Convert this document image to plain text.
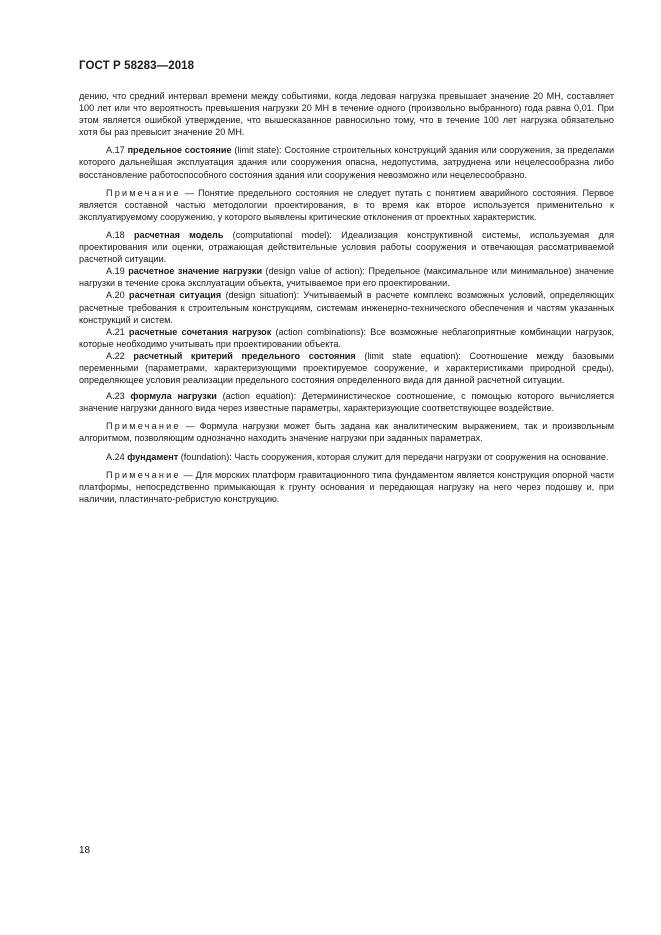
ГОСТ Р 58283—2018

дению, что средний интервал времени между событиями, когда ледовая нагрузка превышает значение 20 МН, составляет 100 лет или что вероятность превышения нагрузки 20 МН в течение одного (произвольно выбранного) года равна 0,01. При этом является ошибкой утверждение, что вышесказанное равносильно тому, что в течение 100 лет нагрузка обязательно хотя бы раз превысит значение 20 МН.

А.17 предельное состояние (limit state): Состояние строительных конструкций здания или сооружения, за пределами которого дальнейшая эксплуатация здания или сооружения опасна, недопустима, затруднена или нецелесообразна либо восстановление работоспособного состояния здания или сооружения невозможно или нецелесообразно.

Примечание — Понятие предельного состояния не следует путать с понятием аварийного состояния. Первое является составной частью методологии проектирования, в то время как второе используется применительно к эксплуатируемому сооружению, у которого выявлены критические отклонения от проектных характеристик.

А.18 расчетная модель (computational model): Идеализация конструктивной системы, используемая для проектирования или оценки, отражающая действительные условия работы сооружения и отвечающая рассматриваемой расчетной ситуации.

А.19 расчетное значение нагрузки (design value of action): Предельное (максимальное или минимальное) значение нагрузки в течение срока эксплуатации объекта, учитываемое при его проектировании.

А.20 расчетная ситуация (design situation): Учитываемый в расчете комплекс возможных условий, определяющих расчетные требования к строительным конструкциям, системам инженерно-технического обеспечения и частям указанных конструкций и систем.

А.21 расчетные сочетания нагрузок (action combinations): Все возможные неблагоприятные комбинации нагрузок, которые необходимо учитывать при проектировании объекта.

А.22 расчетный критерий предельного состояния (limit state equation): Соотношение между базовыми переменными (параметрами, характеризующими проектируемое сооружение, и характеристиками природной среды), определяющее условия реализации предельного состояния определенного вида для данной расчетной ситуации.

А.23 формула нагрузки (action equation): Детерминистическое соотношение, с помощью которого вычисляется значение нагрузки данного вида через известные параметры, характеризующие соответствующее воздействие.

Примечание — Формула нагрузки может быть задана как аналитическим выражением, так и произвольным алгоритмом, позволяющим однозначно находить значение нагрузки при заданных параметрах.

А.24 фундамент (foundation): Часть сооружения, которая служит для передачи нагрузки от сооружения на основание.

Примечание — Для морских платформ гравитационного типа фундаментом является конструкция опорной части платформы, непосредственно примыкающая к грунту основания и передающая нагрузку на него через подошву и, при наличии, пластинчато-ребристую конструкцию.

18
